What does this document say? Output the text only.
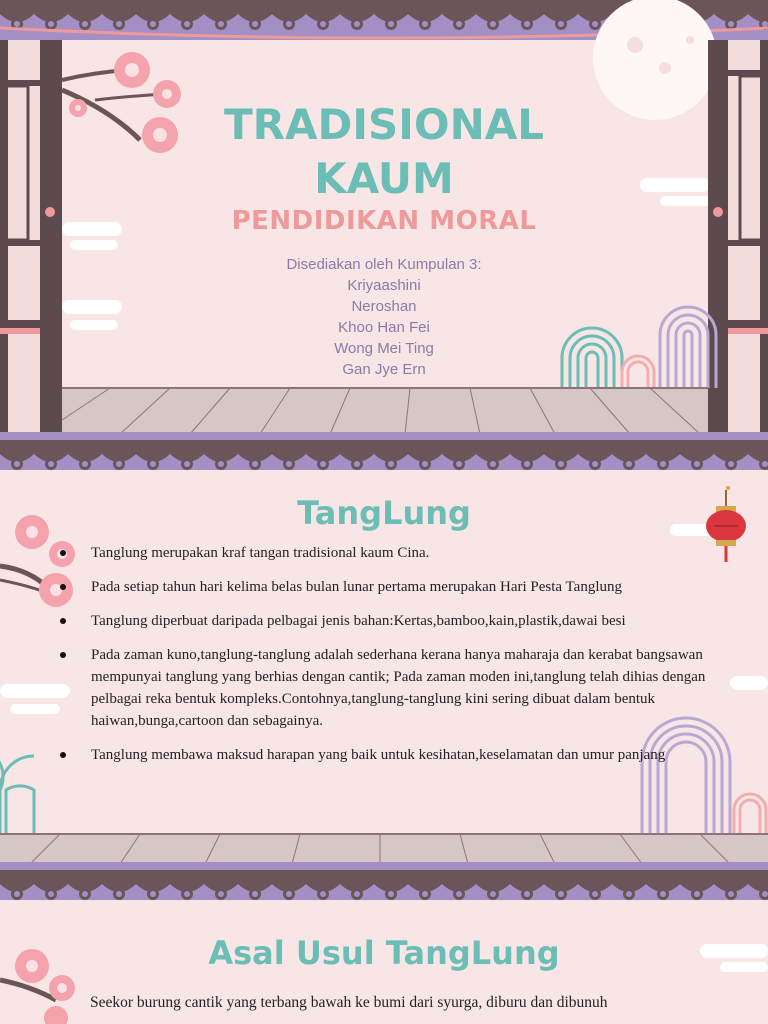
TRADISIONAL
KAUM
PENDIDIKAN MORAL
Disediakan oleh Kumpulan 3:
Kriyaashini
Neroshan
Khoo Han Fei
Wong Mei Ting
Gan Jye Ern
TangLung
Tanglung merupakan kraf tangan tradisional kaum Cina.
Pada setiap tahun hari kelima belas bulan lunar pertama merupakan Hari Pesta Tanglung
Tanglung diperbuat daripada pelbagai jenis bahan:Kertas,bamboo,kain,plastik,dawai besi
Pada zaman kuno,tanglung-tanglung adalah sederhana kerana hanya maharaja dan kerabat bangsawan mempunyai tanglung yang berhias dengan cantik; Pada zaman moden ini,tanglung telah dihias dengan pelbagai reka bentuk kompleks.Contohnya,tanglung-tanglung kini sering dibuat dalam bentuk haiwan,bunga,cartoon dan sebagainya.
Tanglung membawa maksud harapan yang baik untuk kesihatan,keselamatan dan umur panjang
Asal Usul TangLung
Seekor burung cantik yang terbang bawah ke bumi dari syurga, diburu dan dibunuh
